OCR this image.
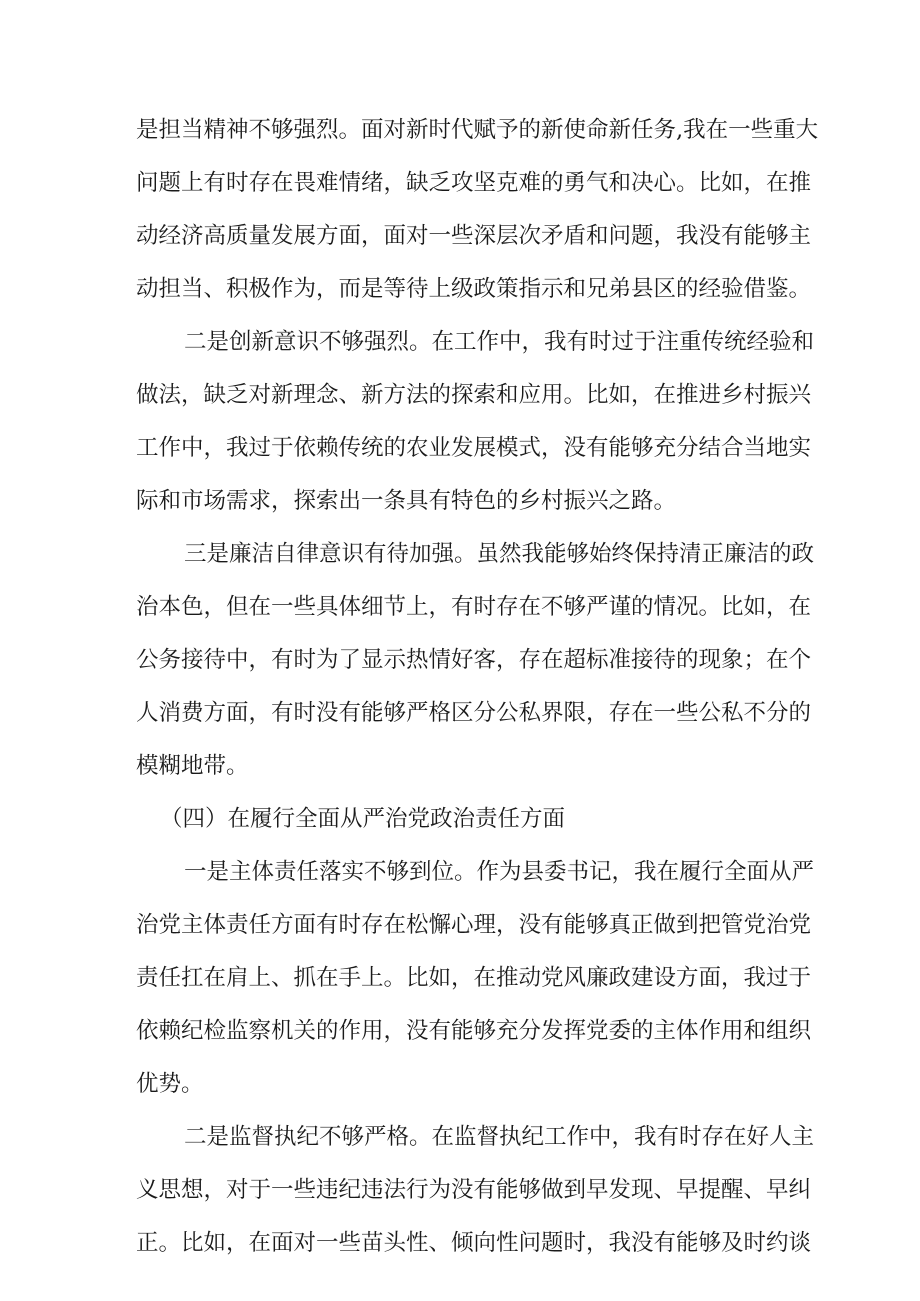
是担当精神不够强烈。面对新时代赋予的新使命新任务,我在一些重大
问题上有时存在畏难情绪，缺乏攻坚克难的勇气和决心。比如，在推
动经济高质量发展方面，面对一些深层次矛盾和问题，我没有能够主
动担当、积极作为，而是等待上级政策指示和兄弟县区的经验借鉴。
二是创新意识不够强烈。在工作中，我有时过于注重传统经验和
做法，缺乏对新理念、新方法的探索和应用。比如，在推进乡村振兴
工作中，我过于依赖传统的农业发展模式，没有能够充分结合当地实
际和市场需求，探索出一条具有特色的乡村振兴之路。
三是廉洁自律意识有待加强。虽然我能够始终保持清正廉洁的政
治本色，但在一些具体细节上，有时存在不够严谨的情况。比如，在
公务接待中，有时为了显示热情好客，存在超标准接待的现象；在个
人消费方面，有时没有能够严格区分公私界限，存在一些公私不分的
模糊地带。
（四）在履行全面从严治党政治责任方面
一是主体责任落实不够到位。作为县委书记，我在履行全面从严
治党主体责任方面有时存在松懈心理，没有能够真正做到把管党治党
责任扛在肩上、抓在手上。比如，在推动党风廉政建设方面，我过于
依赖纪检监察机关的作用，没有能够充分发挥党委的主体作用和组织
优势。
二是监督执纪不够严格。在监督执纪工作中，我有时存在好人主
义思想，对于一些违纪违法行为没有能够做到早发现、早提醒、早纠
正。比如，在面对一些苗头性、倾向性问题时，我没有能够及时约谈
